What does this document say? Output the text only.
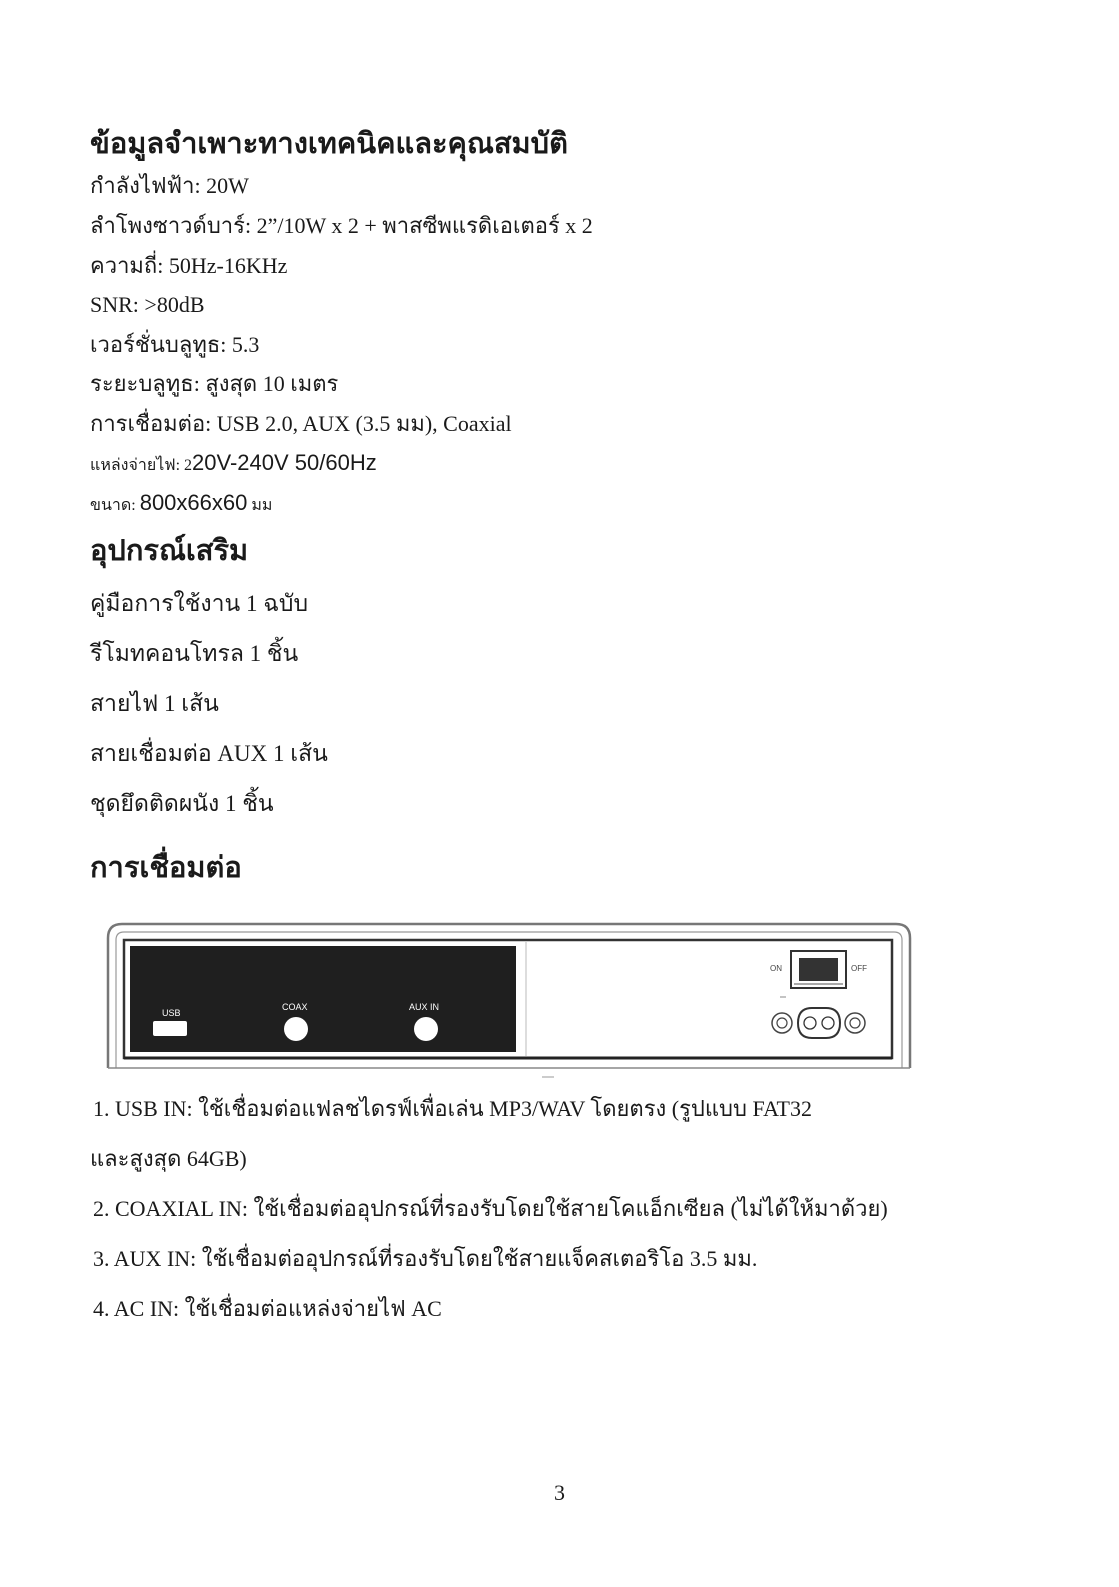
ข้อมูลจำเพาะทางเทคนิคและคุณสมบัติ
กำลังไฟฟ้า: 20W
ลำโพงซาวด์บาร์: 2”/10W x 2 + พาสซีพแรดิเอเตอร์ x 2
ความถี่: 50Hz-16KHz
SNR: >80dB
เวอร์ชั่นบลูทูธ: 5.3
ระยะบลูทูธ: สูงสุด 10 เมตร
การเชื่อมต่อ: USB 2.0, AUX (3.5 มม), Coaxial
แหล่งจ่ายไฟ: 220V-240V 50/60Hz
ขนาด: 800x66x60 มม
อุปกรณ์เสริม
คู่มือการใช้งาน 1 ฉบับ
รีโมทคอนโทรล 1 ชิ้น
สายไฟ 1 เส้น
สายเชื่อมต่อ AUX 1 เส้น
ชุดยึดติดผนัง 1 ชิ้น
การเชื่อมต่อ
USB
COAX	AUX IN
ON	OFF
1. USB IN: ใช้เชื่อมต่อแฟลชไดรฟ์เพื่อเล่น MP3/WAV โดยตรง (รูปแบบ FAT32
และสูงสุด 64GB)
2. COAXIAL IN: ใช้เชื่อมต่ออุปกรณ์ที่รองรับโดยใช้สายโคแอ็กเซียล (ไม่ได้ให้มาด้วย)
3. AUX IN: ใช้เชื่อมต่ออุปกรณ์ที่รองรับโดยใช้สายแจ็คสเตอริโอ 3.5 มม.
4. AC IN: ใช้เชื่อมต่อแหล่งจ่ายไฟ AC
3
